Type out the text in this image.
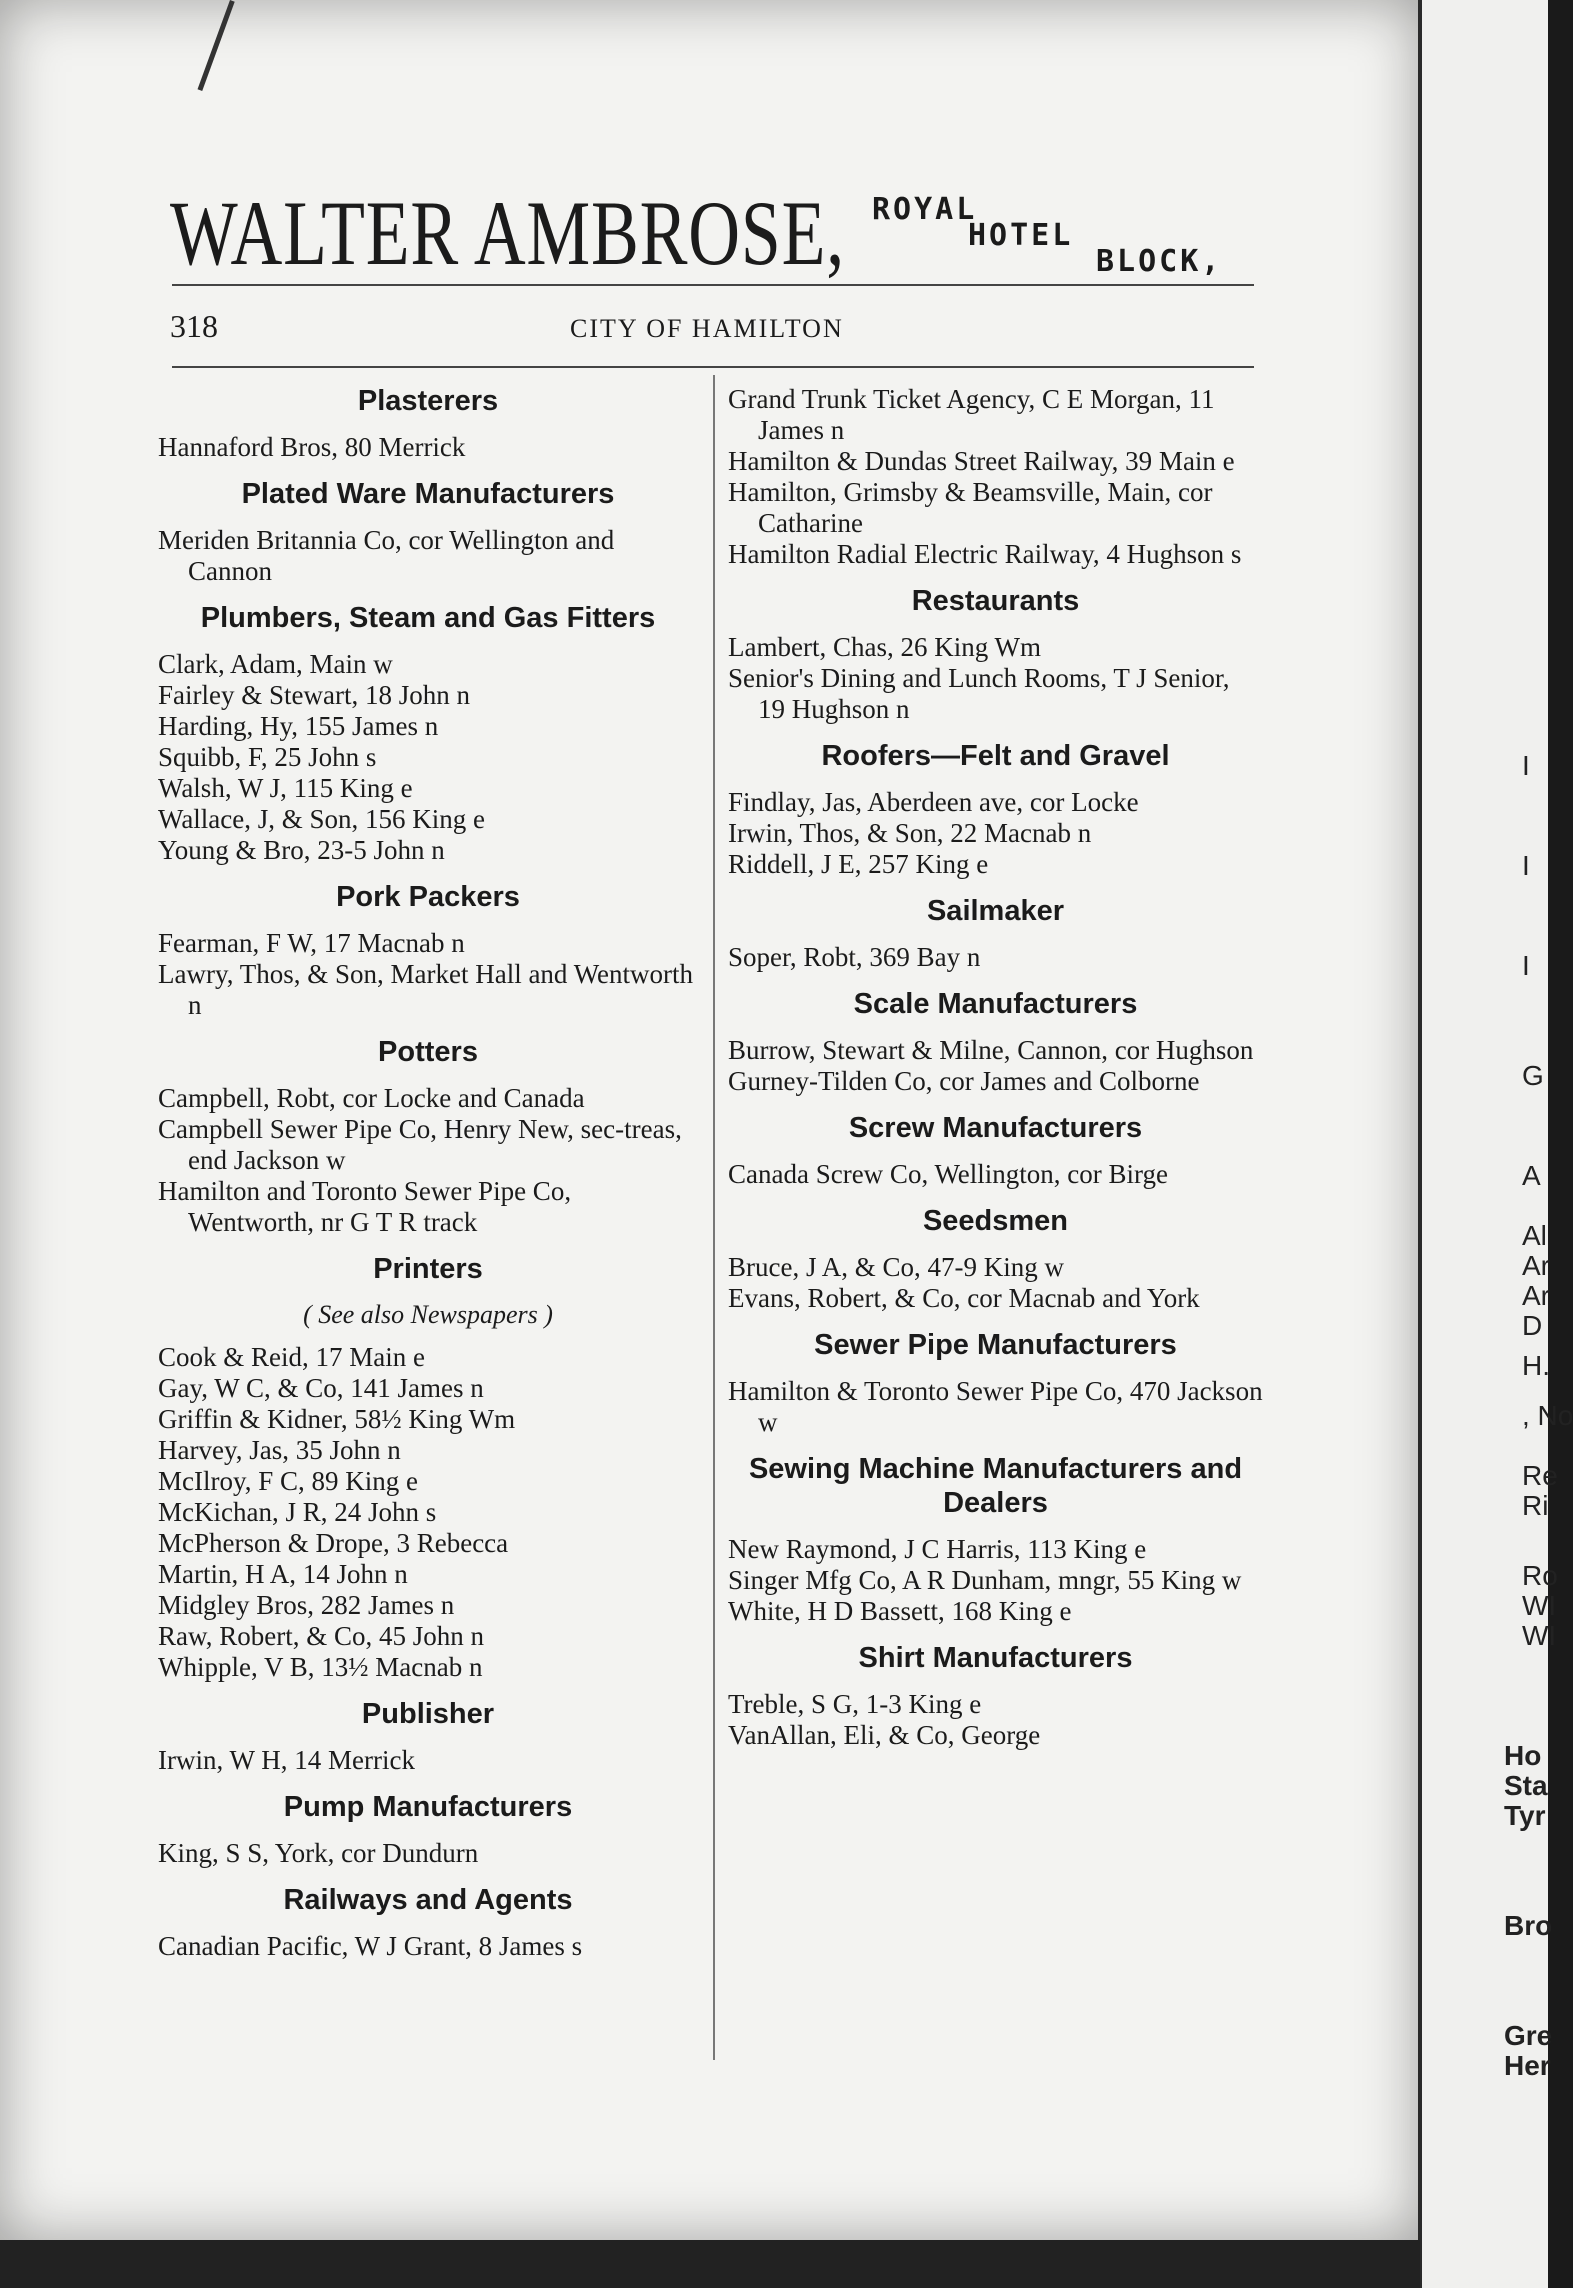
WALTER AMBROSE, ROYAL
HOTEL
BLOCK,
318	CITY OF HAMILTON
Plasterers
Hannaford Bros, 80 Merrick
Plated Ware Manufacturers
Meriden Britannia Co, cor Wellington and Cannon
Plumbers, Steam and Gas Fitters
Clark, Adam, Main w
Fairley & Stewart, 18 John n
Harding, Hy, 155 James n
Squibb, F, 25 John s
Walsh, W J, 115 King e
Wallace, J, & Son, 156 King e
Young & Bro, 23-5 John n
Pork Packers
Fearman, F W, 17 Macnab n
Lawry, Thos, & Son, Market Hall and Wentworth n
Potters
Campbell, Robt, cor Locke and Canada
Campbell Sewer Pipe Co, Henry New, sec-treas, end Jackson w
Hamilton and Toronto Sewer Pipe Co, Wentworth, nr G T R track
Printers
( See also Newspapers )
Cook & Reid, 17 Main e
Gay, W C, & Co, 141 James n
Griffin & Kidner, 58½ King Wm
Harvey, Jas, 35 John n
McIlroy, F C, 89 King e
McKichan, J R, 24 John s
McPherson & Drope, 3 Rebecca
Martin, H A, 14 John n
Midgley Bros, 282 James n
Raw, Robert, & Co, 45 John n
Whipple, V B, 13½ Macnab n
Publisher
Irwin, W H, 14 Merrick
Pump Manufacturers
King, S S, York, cor Dundurn
Railways and Agents
Canadian Pacific, W J Grant, 8 James s
Grand Trunk Ticket Agency, C E Morgan, 11 James n
Hamilton & Dundas Street Railway, 39 Main e
Hamilton, Grimsby & Beamsville, Main, cor Catharine
Hamilton Radial Electric Railway, 4 Hughson s
Restaurants
Lambert, Chas, 26 King Wm
Senior's Dining and Lunch Rooms, T J Senior, 19 Hughson n
Roofers—Felt and Gravel
Findlay, Jas, Aberdeen ave, cor Locke
Irwin, Thos, & Son, 22 Macnab n
Riddell, J E, 257 King e
Sailmaker
Soper, Robt, 369 Bay n
Scale Manufacturers
Burrow, Stewart & Milne, Cannon, cor Hughson
Gurney-Tilden Co, cor James and Colborne
Screw Manufacturers
Canada Screw Co, Wellington, cor Birge
Seedsmen
Bruce, J A, & Co, 47-9 King w
Evans, Robert, & Co, cor Macnab and York
Sewer Pipe Manufacturers
Hamilton & Toronto Sewer Pipe Co, 470 Jackson w
Sewing Machine Manufacturers and Dealers
New Raymond, J C Harris, 113 King e
Singer Mfg Co, A R Dunham, mngr, 55 King w
White, H D Bassett, 168 King e
Shirt Manufacturers
Treble, S G, 1-3 King e
VanAllan, Eli, & Co, George
I
I
I
G
A
Al
Ar
Ar
D
H.
, No
Re
Ri
Ro
WI
WI
Ho
Sta
Tyr
Bro
Gre
Her
